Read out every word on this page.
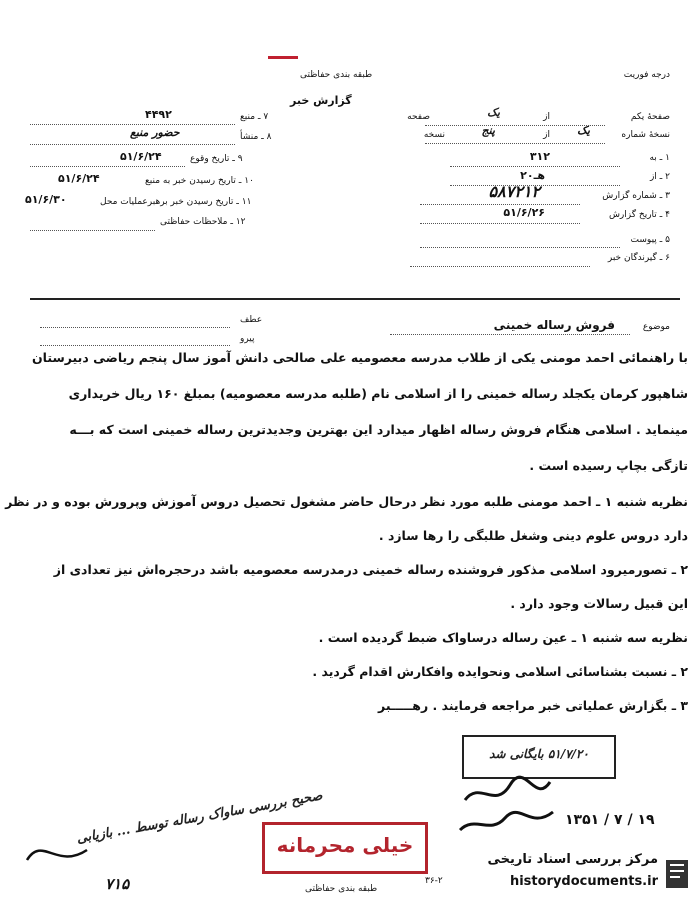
درجه فوریت
طبقه بندی حفاظتی
گزارش خبر
صفحهٔ یکم
از
یک
صفحه
نسخهٔ شماره
یک
از
پنج
نسخه
۱ ـ به
۳۱۲
۲ ـ از
۲۰هـ
۳ ـ شماره گزارش
۵۸۷۲۱۲
۴ ـ تاریخ گزارش
۵۱/۶/۲۶
۵ ـ پیوست
۶ ـ گیرندگان خبر
۷ ـ منبع
۴۴۹۲
۸ ـ منشأ
حضور منبع
۹ ـ تاریخ وقوع
۵۱/۶/۲۴
۱۰ ـ تاریخ رسیدن خبر به منبع
۵۱/۶/۲۴
۱۱ ـ تاریخ رسیدن خبر برهبرعملیات محل
۵۱/۶/۳۰
۱۲ ـ ملاحظات حفاظتی
عطف
پیرو
موضوع
فروش رساله خمینی
با راهنمائی احمد مومنی یکی از طلاب مدرسه معصومیه علی صالحی دانش آموز سال پنجم ریاضی دبیرستان
شاهپور کرمان یکجلد رساله خمینی را از اسلامی نام (طلبه مدرسه معصومیه) بمبلغ ۱۶۰ ریال خریداری
مینماید . اسلامی هنگام فروش رساله اظهار میدارد این بهترین وجدیدترین رساله خمینی است که بـــه
تازگی بچاپ رسیده است .
نظریه شنبه ۱ ـ احمد مومنی طلبه مورد نظر درحال حاضر مشغول تحصیل دروس آموزش وپرورش بوده و در نظر
دارد دروس علوم دینی وشغل طلبگی را رها سازد .
۲ ـ تصورمیرود اسلامی مذکور فروشنده رساله خمینی درمدرسه معصومیه باشد درحجره‌اش نیز تعدادی از
این قبیل رسالات وجود دارد .
نظریه سه شنبه ۱ ـ عین رساله درساواک ضبط گردیده است .
۲ ـ نسبت بشناسائی اسلامی ونحوایده وافکارش اقدام گردید .
۳ ـ بگزارش عملیاتی خبر مراجعه فرمایند . رهـــــبر
۵۱/۷/۲۰ بایگانی شد
۱۳۵۱ / ۷ / ۱۹
صحیح بررسی ساواک رساله توسط ... بازیابی
۷۱۵
خیلی محرمانه
طبقه بندی حفاظتی
۳۶-۲
مرکز بررسی اسناد تاریخی
historydocuments.ir
